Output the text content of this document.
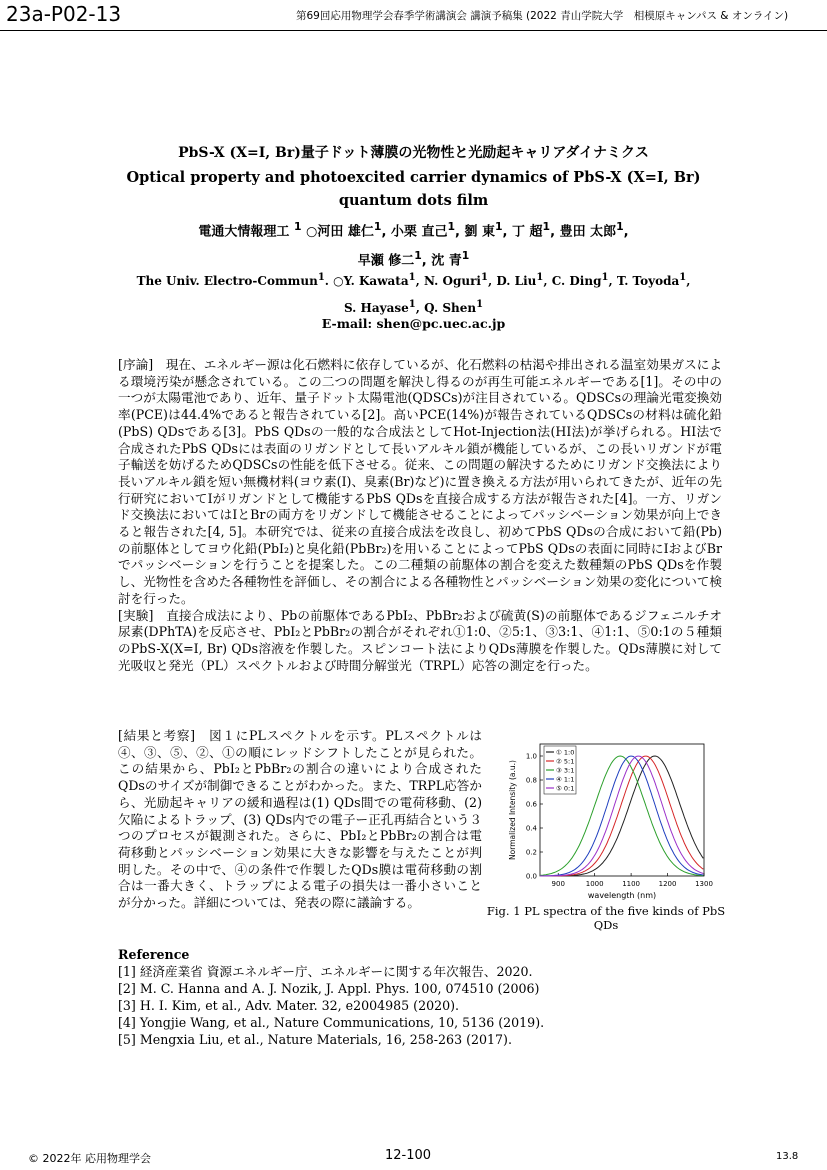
23a-P02-13	第69回応用物理学会春季学術講演会 講演予稿集 (2022 青山学院大学　相模原キャンパス & オンライン)
PbS-X (X=I, Br)量子ドット薄膜の光物性と光励起キャリアダイナミクス
Optical property and photoexcited carrier dynamics of PbS-X (X=I, Br) quantum dots film
電通大情報理工 $^1$ ○河田 雄仁$^1$, 小栗 直己$^1$, 劉 東$^1$, 丁 超$^1$, 豊田 太郎$^1$,
早瀬 修二$^1$, 沈 青$^1$
The Univ. Electro-Commun$^1$. ○Y. Kawata$^1$, N. Oguri$^1$, D. Liu$^1$, C. Ding$^1$, T. Toyoda$^1$,
S. Hayase$^1$, Q. Shen$^1$
E-mail: shen@pc.uec.ac.jp

[序論]　現在、エネルギー源は化石燃料に依存しているが、化石燃料の枯渇や排出される温室効果ガスによる環境汚染が懸念されている。この二つの問題を解決し得るのが再生可能エネルギーである[1]。その中の一つが太陽電池であり、近年、量子ドット太陽電池(QDSCs)が注目されている。QDSCsの理論光電変換効率(PCE)は44.4%であると報告されている[2]。高いPCE(14%)が報告されているQDSCsの材料は硫化鉛(PbS) QDsである[3]。PbS QDsの一般的な合成法としてHot-Injection法(HI法)が挙げられる。HI法で合成されたPbS QDsには表面のリガンドとして長いアルキル鎖が機能しているが、この長いリガンドが電子輸送を妨げるためQDSCsの性能を低下させる。従来、この問題の解決するためにリガンド交換法により長いアルキル鎖を短い無機材料(ヨウ素(I)、臭素(Br)など)に置き換える方法が用いられてきたが、近年の先行研究においてIがリガンドとして機能するPbS QDsを直接合成する方法が報告された[4]。一方、リガンド交換法においてはIとBrの両方をリガンドして機能させることによってパッシベーション効果が向上できると報告された[4, 5]。本研究では、従来の直接合成法を改良し、初めてPbS QDsの合成において鉛(Pb)の前駆体としてヨウ化鉛(PbI₂)と臭化鉛(PbBr₂)を用いることによってPbS QDsの表面に同時にIおよびBrでパッシベーションを行うことを提案した。この二種類の前駆体の割合を変えた数種類のPbS QDsを作製し、光物性を含めた各種物性を評価し、その割合による各種物性とパッシベーション効果の変化について検討を行った。

[実験]　直接合成法により、Pbの前駆体であるPbI₂、PbBr₂および硫黄(S)の前駆体であるジフェニルチオ尿素(DPhTA)を反応させ、PbI₂とPbBr₂の割合がそれぞれ①1:0、②5:1、③3:1、④1:1、⑤0:1の５種類のPbS-X(X=I, Br) QDs溶液を作製した。スピンコート法によりQDs薄膜を作製した。QDs薄膜に対して光吸収と発光（PL）スペクトルおよび時間分解蛍光（TRPL）応答の測定を行った。

[結果と考察]　図１にPLスペクトルを示す。PLスペクトルは④、③、⑤、②、①の順にレッドシフトしたことが見られた。この結果から、PbI₂とPbBr₂の割合の違いにより合成されたQDsのサイズが制御できることがわかった。また、TRPL応答から、光励起キャリアの緩和過程は(1) QDs間での電荷移動、(2) 欠陥によるトラップ、(3) QDs内での電子ー正孔再結合という３つのプロセスが観測された。さらに、PbI₂とPbBr₂の割合は電荷移動とパッシベーション効果に大きな影響を与えたことが判明した。その中で、④の条件で作製したQDs膜は電荷移動の割合は一番大きく、トラップによる電子の損失は一番小さいことが分かった。詳細については、発表の際に議論する。

900	1000	1100	1200	1300
0.0
0.2
0.4
0.6
0.8
1.0
wavelength (nm)
Normalized Intensity (a.u.)
① 1:0
② 5:1
③ 3:1
④ 1:1
⑤ 0:1
Fig. 1 PL spectra of the five kinds of PbS QDs
Reference
[1] 経済産業省 資源エネルギー庁、エネルギーに関する年次報告、2020.
[2] M. C. Hanna and A. J. Nozik, J. Appl. Phys. 100, 074510 (2006)
[3] H. I. Kim, et al., Adv. Mater. 32, e2004985 (2020).
[4] Yongjie Wang, et al., Nature Communications, 10, 5136 (2019).
[5] Mengxia Liu, et al., Nature Materials, 16, 258-263 (2017).
© 2022年 応用物理学会	12-100	13.8
